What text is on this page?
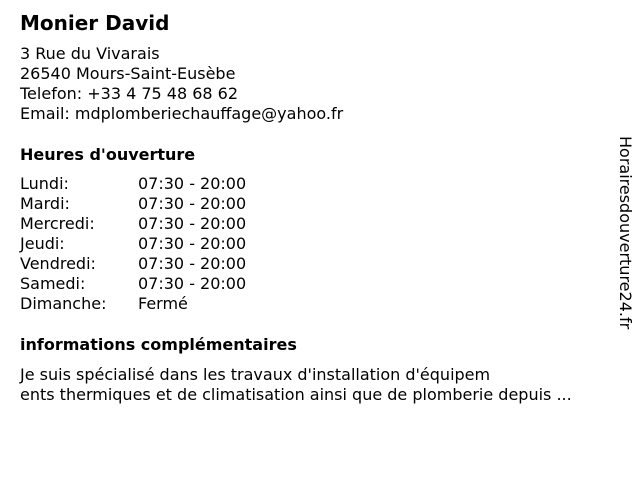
Monier David
3 Rue du Vivarais
26540 Mours-Saint-Eusèbe
Telefon: +33 4 75 48 68 62
Email: mdplomberiechauffage@yahoo.fr
Heures d'ouverture
Lundi:	07:30 - 20:00
Mardi:	07:30 - 20:00
Mercredi:	07:30 - 20:00
Jeudi:	07:30 - 20:00
Vendredi:	07:30 - 20:00
Samedi:	07:30 - 20:00
Dimanche: Fermé
informations complémentaires
Je suis spécialisé dans les travaux d'installation d'équipem
ents thermiques et de climatisation ainsi que de plomberie depuis ...
Horairesdouverture24.fr
